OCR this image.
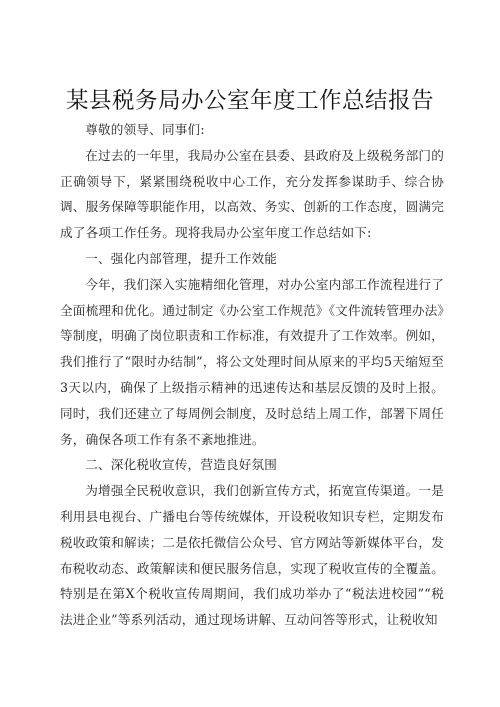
某县税务局办公室年度工作总结报告

尊敬的领导、同事们:

在过去的一年里，我局办公室在县委、县政府及上级税务部门的正确领导下，紧紧围绕税收中心工作，充分发挥参谋助手、综合协调、服务保障等职能作用，以高效、务实、创新的工作态度，圆满完成了各项工作任务。现将我局办公室年度工作总结如下:

一、强化内部管理，提升工作效能

今年，我们深入实施精细化管理，对办公室内部工作流程进行了全面梳理和优化。通过制定《办公室工作规范》《文件流转管理办法》等制度，明确了岗位职责和工作标准，有效提升了工作效率。例如，我们推行了“限时办结制”，将公文处理时间从原来的平均5天缩短至3天以内，确保了上级指示精神的迅速传达和基层反馈的及时上报。同时，我们还建立了每周例会制度，及时总结上周工作，部署下周任务，确保各项工作有条不紊地推进。

二、深化税收宣传，营造良好氛围

为增强全民税收意识，我们创新宣传方式，拓宽宣传渠道。一是利用县电视台、广播电台等传统媒体，开设税收知识专栏，定期发布税收政策和解读；二是依托微信公众号、官方网站等新媒体平台，发布税收动态、政策解读和便民服务信息，实现了税收宣传的全覆盖。特别是在第X个税收宣传周期间，我们成功举办了“税法进校园”“税法进企业”等系列活动，通过现场讲解、互动问答等形式，让税收知
